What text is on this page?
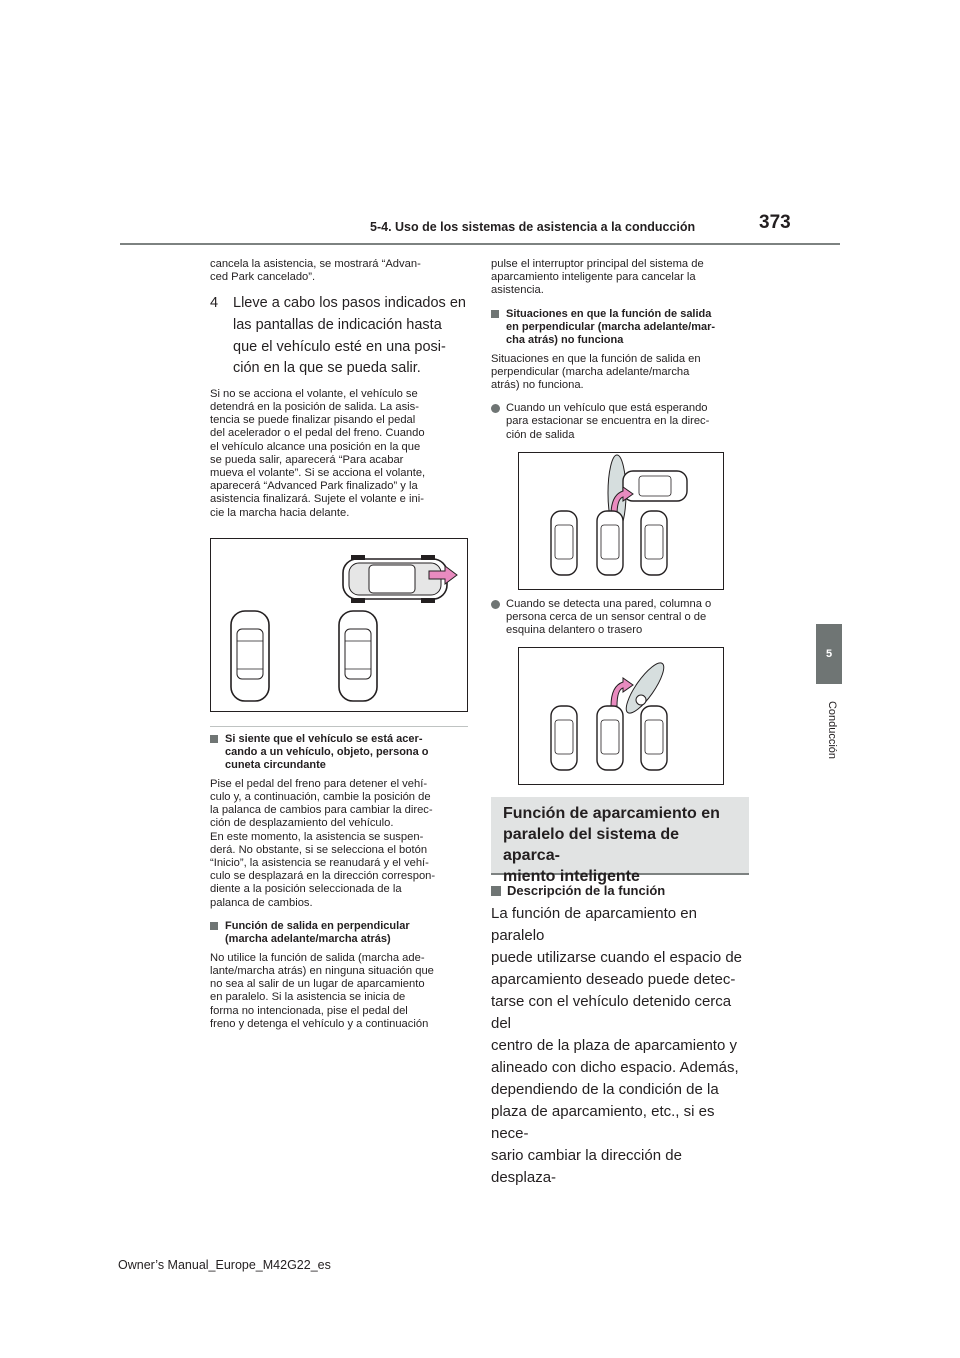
5-4. Uso de los sistemas de asistencia a la conducción	373
5
Conducción
cancela la asistencia, se mostrará “Advan-
ced Park cancelado”.
4 Lleve a cabo los pasos indicados en
las pantallas de indicación hasta
que el vehículo esté en una posi-
ción en la que se pueda salir.
Si no se acciona el volante, el vehículo se
detendrá en la posición de salida. La asis-
tencia se puede finalizar pisando el pedal
del acelerador o el pedal del freno. Cuando
el vehículo alcance una posición en la que
se pueda salir, aparecerá “Para acabar
mueva el volante”. Si se acciona el volante,
aparecerá “Advanced Park finalizado” y la
asistencia finalizará. Sujete el volante e ini-
cie la marcha hacia delante.
Si siente que el vehículo se está acer-
cando a un vehículo, objeto, persona o
cuneta circundante
Pise el pedal del freno para detener el vehí-
culo y, a continuación, cambie la posición de
la palanca de cambios para cambiar la direc-
ción de desplazamiento del vehículo.
En este momento, la asistencia se suspen-
derá. No obstante, si se selecciona el botón
“Inicio”, la asistencia se reanudará y el vehí-
culo se desplazará en la dirección correspon-
diente a la posición seleccionada de la
palanca de cambios.
Función de salida en perpendicular
(marcha adelante/marcha atrás)
No utilice la función de salida (marcha ade-
lante/marcha atrás) en ninguna situación que
no sea al salir de un lugar de aparcamiento
en paralelo. Si la asistencia se inicia de
forma no intencionada, pise el pedal del
freno y detenga el vehículo y a continuación
pulse el interruptor principal del sistema de
aparcamiento inteligente para cancelar la
asistencia.
Situaciones en que la función de salida
en perpendicular (marcha adelante/mar-
cha atrás) no funciona
Situaciones en que la función de salida en
perpendicular (marcha adelante/marcha
atrás) no funciona.
Cuando un vehículo que está esperando
para estacionar se encuentra en la direc-
ción de salida
Cuando se detecta una pared, columna o
persona cerca de un sensor central o de
esquina delantero o trasero
Función de aparcamiento en
paralelo del sistema de aparca-
miento inteligente
Descripción de la función
La función de aparcamiento en paralelo
puede utilizarse cuando el espacio de
aparcamiento deseado puede detec-
tarse con el vehículo detenido cerca del
centro de la plaza de aparcamiento y
alineado con dicho espacio. Además,
dependiendo de la condición de la
plaza de aparcamiento, etc., si es nece-
sario cambiar la dirección de desplaza-
Owner’s Manual_Europe_M42G22_es
